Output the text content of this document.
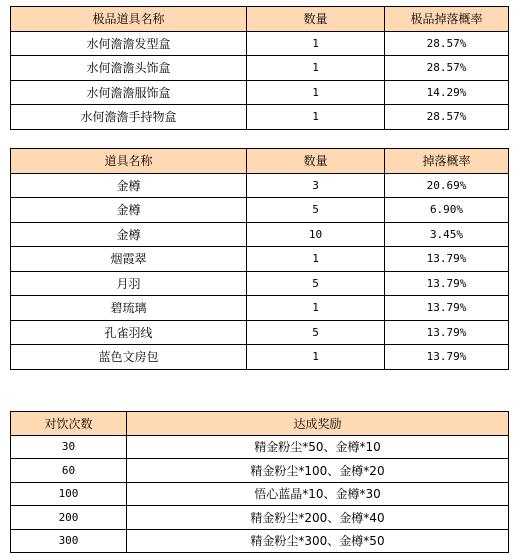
极品道具名称	数量	极品掉落概率
水何澹澹发型盒	1	28.57%
水何澹澹头饰盒	1	28.57%
水何澹澹服饰盒	1	14.29%
水何澹澹手持物盒	1	28.57%
道具名称	数量	掉落概率
金樽	3	20.69%
金樽	5	6.90%
金樽	10	3.45%
烟霞翠	1	13.79%
月羽	5	13.79%
碧琉璃	1	13.79%
孔雀羽线	5	13.79%
蓝色文房包	1	13.79%
对饮次数	达成奖励
30	精金粉尘*50、金樽*10
60	精金粉尘*100、金樽*20
100	悟心蓝晶*10、金樽*30
200	精金粉尘*200、金樽*40
300	精金粉尘*300、金樽*50
